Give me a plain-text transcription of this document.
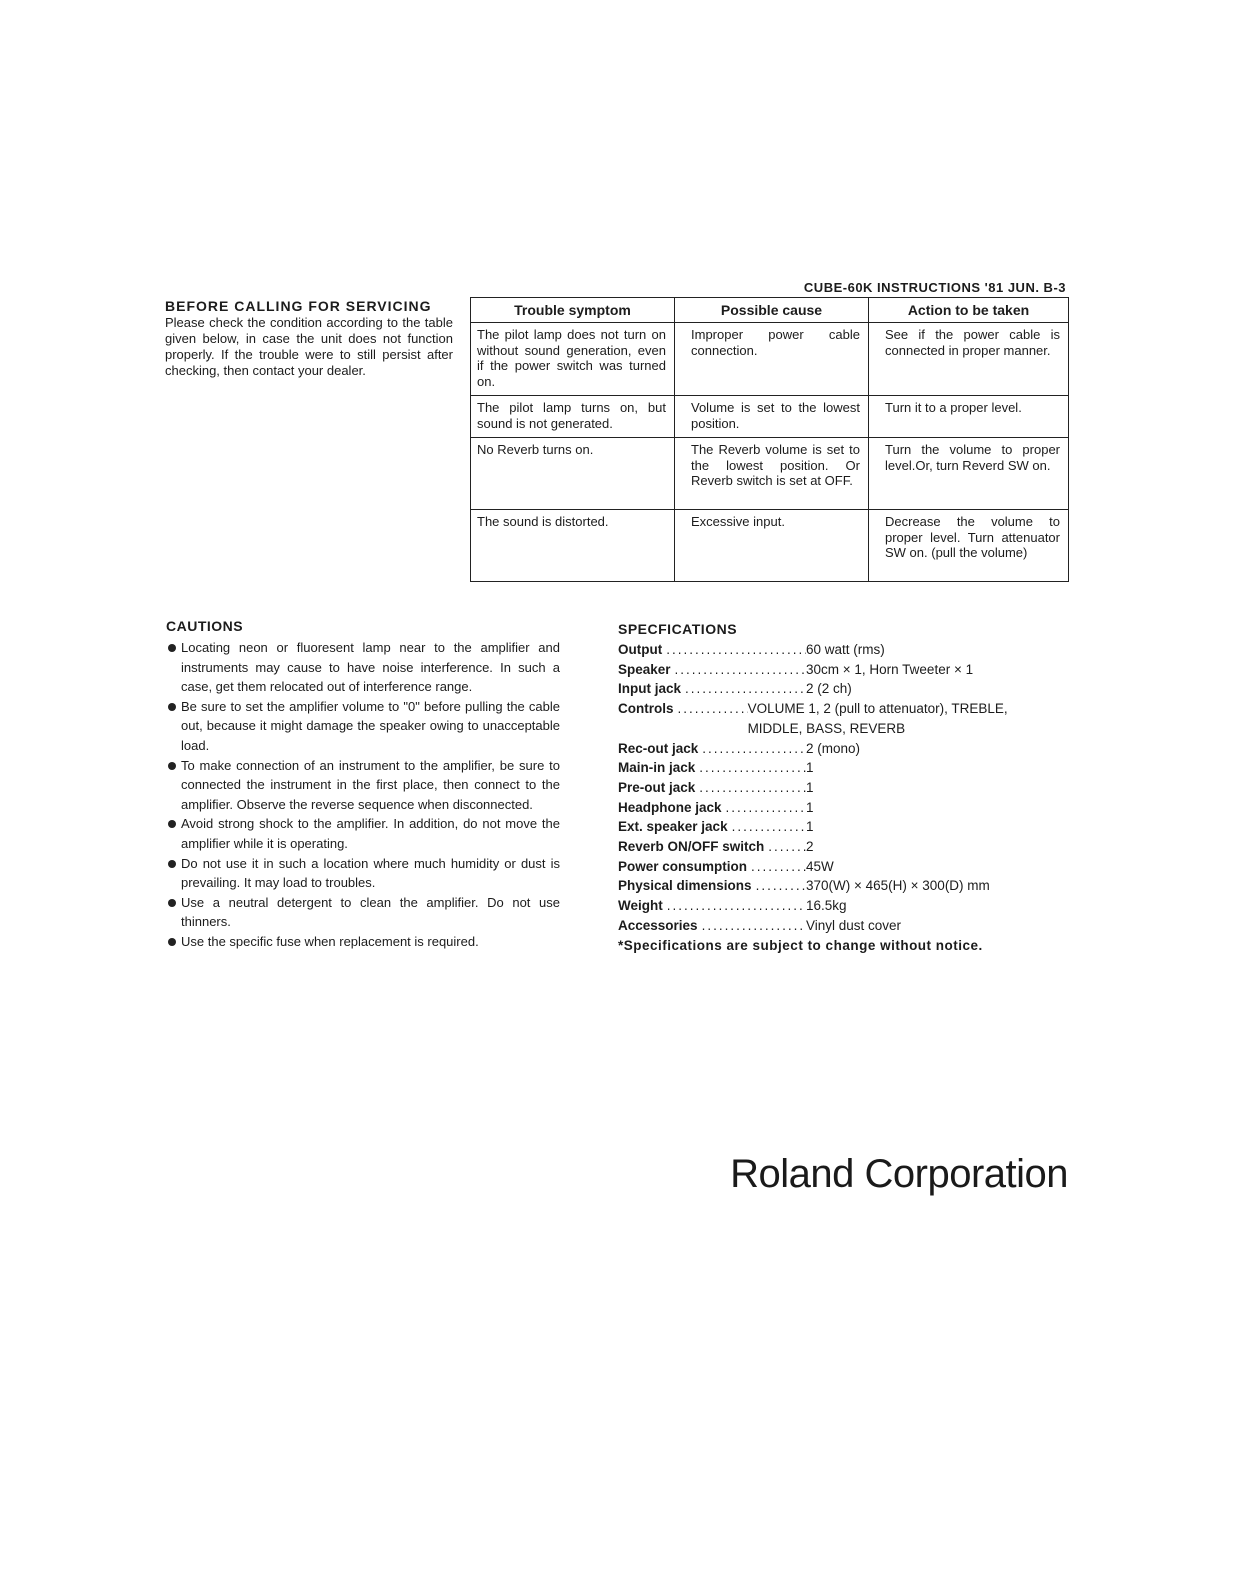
CUBE-60K INSTRUCTIONS '81 JUN. B-3
BEFORE CALLING FOR SERVICING

Please check the condition according to the table given below, in case the unit does not function properly. If the trouble were to still persist after checking, then contact your dealer.

Trouble symptom	Possible cause	Action to be taken
The pilot lamp does not turn on without sound generation, even if the power switch was turned on.	Improper power cable connection.	See if the power cable is connected in proper manner.
The pilot lamp turns on, but sound is not generated.	Volume is set to the lowest position.	Turn it to a proper level.
No Reverb turns on.	The Reverb volume is set to the lowest position. Or Reverb switch is set at OFF.	Turn the volume to proper level.Or, turn Reverd SW on.
The sound is distorted.	Excessive input.	Decrease the volume to proper level. Turn attenuator SW on. (pull the volume)
CAUTIONS
Locating neon or fluoresent lamp near to the amplifier and instruments may cause to have noise interference. In such a case, get them relocated out of interference range.
Be sure to set the amplifier volume to "0" before pulling the cable out, because it might damage the speaker owing to unacceptable load.
To make connection of an instrument to the amplifier, be sure to connected the instrument in the first place, then connect to the amplifier. Observe the reverse sequence when disconnected.
Avoid strong shock to the amplifier. In addition, do not move the amplifier while it is operating.
Do not use it in such a location where much humidity or dust is prevailing. It may load to troubles.
Use a neutral detergent to clean the amplifier. Do not use thinners.
Use the specific fuse when replacement is required.
SPECFICATIONS
Output .....	60 watt (rms)
Speaker .....	30cm × 1, Horn Tweeter × 1
Input jack .....	2 (2 ch)
Controls .....	VOLUME 1, 2 (pull to attenuator), TREBLE, MIDDLE, BASS, REVERB
Rec-out jack .....	2 (mono)
Main-in jack .....	1
Pre-out jack .....	1
Headphone jack .....	1
Ext. speaker jack .....	1
Reverb ON/OFF switch .....	2
Power consumption .....	45W
Physical dimensions .....	370(W) × 465(H) × 300(D) mm
Weight .....	16.5kg
Accessories .....	Vinyl dust cover
*Specifications are subject to change without notice.
Roland Corporation
